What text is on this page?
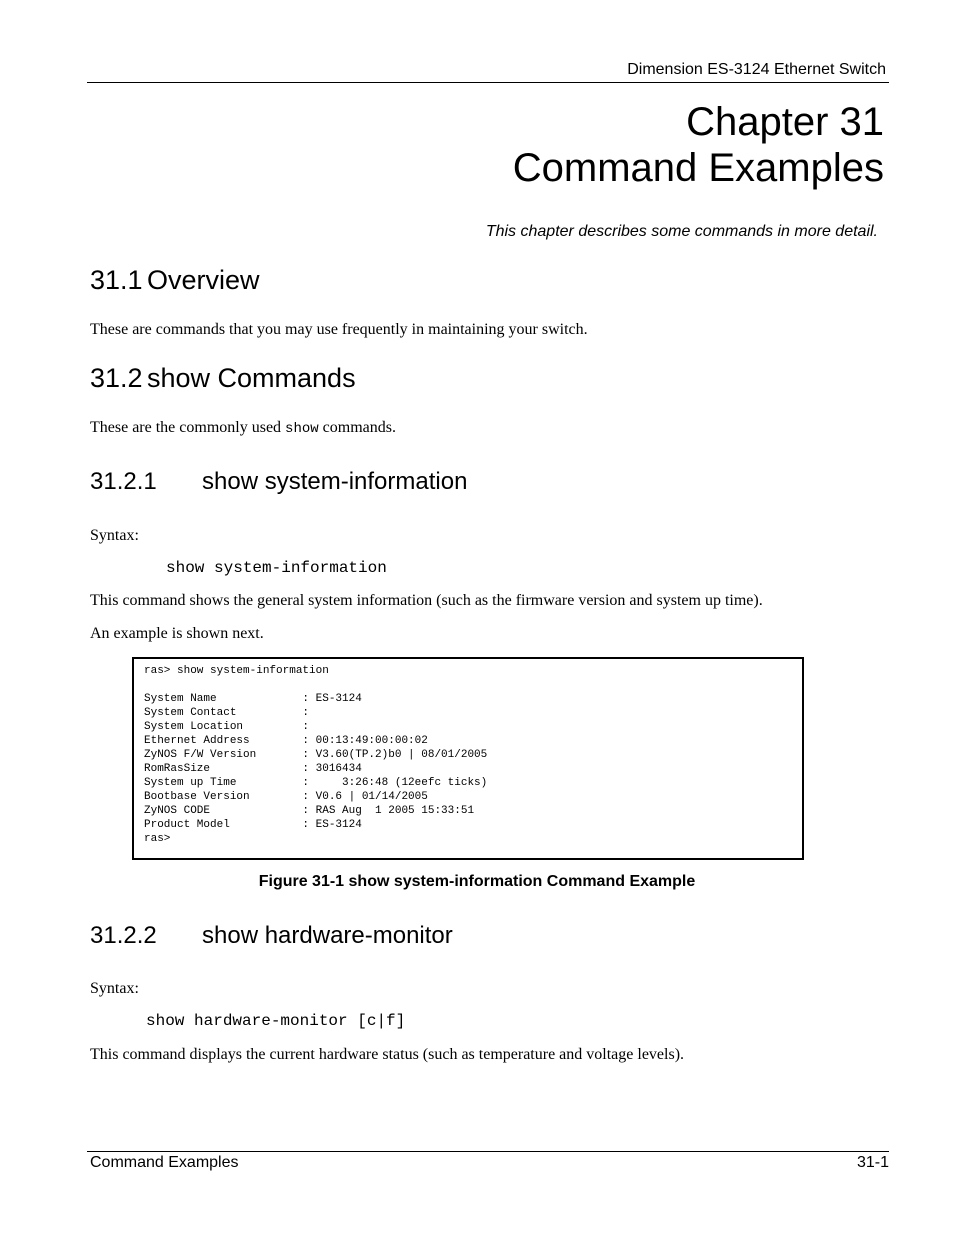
Dimension ES-3124 Ethernet Switch
Chapter 31
Command Examples
This chapter describes some commands in more detail.
31.1 Overview
These are commands that you may use frequently in maintaining your switch.
31.2 show Commands
These are the commonly used show commands.
31.2.1 show system-information
Syntax:
show system-information
This command shows the general system information (such as the firmware version and system up time).
An example is shown next.
ras> show system-information

System Name             : ES-3124
System Contact          :
System Location         :
Ethernet Address        : 00:13:49:00:00:02
ZyNOS F/W Version       : V3.60(TP.2)b0 | 08/01/2005
RomRasSize              : 3016434
System up Time          :     3:26:48 (12eefc ticks)
Bootbase Version        : V0.6 | 01/14/2005
ZyNOS CODE              : RAS Aug  1 2005 15:33:51
Product Model           : ES-3124
ras>

Figure 31-1 show system-information Command Example
31.2.2 show hardware-monitor
Syntax:
show hardware-monitor [c|f]
This command displays the current hardware status (such as temperature and voltage levels).
Command Examples	31-1
